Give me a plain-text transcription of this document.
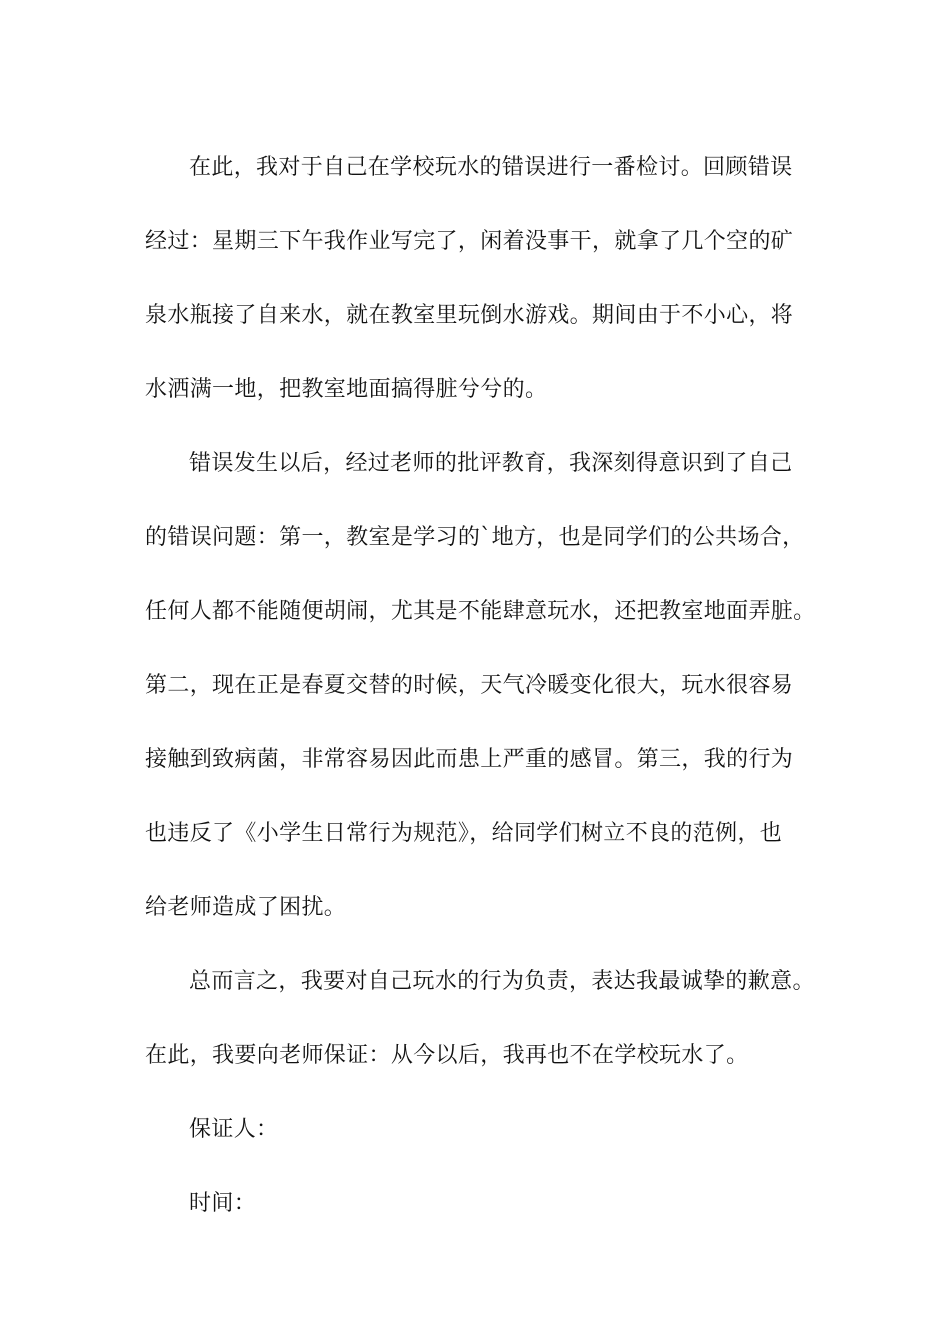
在此，我对于自己在学校玩水的错误进行一番检讨。回顾错误
经过：星期三下午我作业写完了，闲着没事干，就拿了几个空的矿
泉水瓶接了自来水，就在教室里玩倒水游戏。期间由于不小心，将
水洒满一地，把教室地面搞得脏兮兮的。
错误发生以后，经过老师的批评教育，我深刻得意识到了自己
的错误问题：第一，教室是学习的`地方，也是同学们的公共场合，
任何人都不能随便胡闹，尤其是不能肆意玩水，还把教室地面弄脏。
第二，现在正是春夏交替的时候，天气冷暖变化很大，玩水很容易
接触到致病菌，非常容易因此而患上严重的感冒。第三，我的行为
也违反了《小学生日常行为规范》，给同学们树立不良的范例，也
给老师造成了困扰。
总而言之，我要对自己玩水的行为负责，表达我最诚挚的歉意。
在此，我要向老师保证：从今以后，我再也不在学校玩水了。
保证人：
时间：
